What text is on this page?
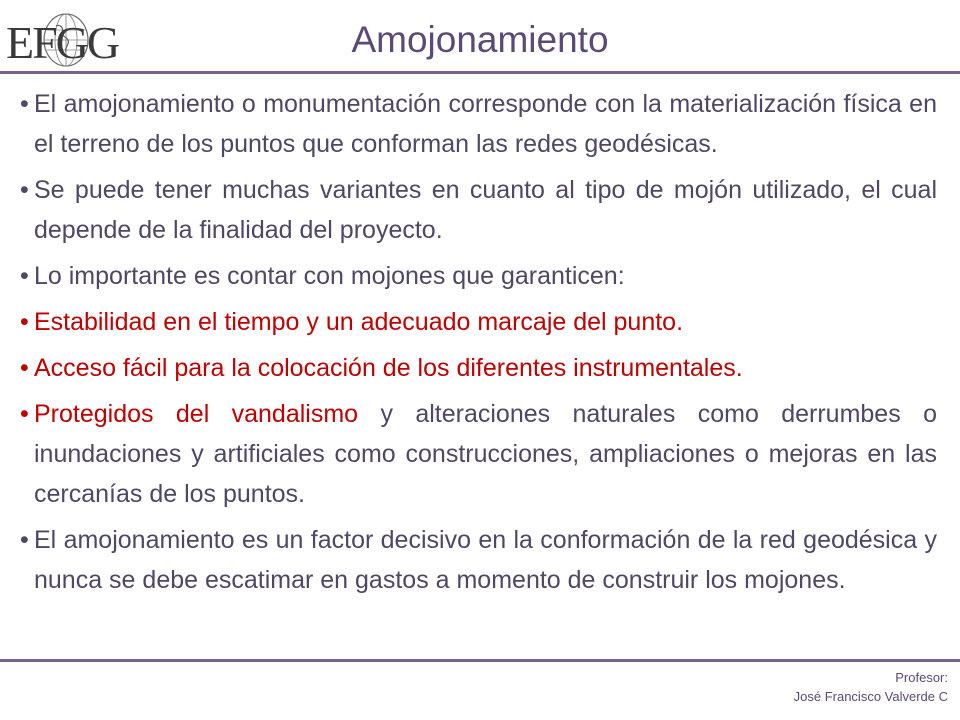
EFGG	Amojonamiento

• El amojonamiento o monumentación corresponde con la materialización física en el terreno de los puntos que conforman las redes geodésicas.

• Se puede tener muchas variantes en cuanto al tipo de mojón utilizado, el cual depende de la finalidad del proyecto.

• Lo importante es contar con mojones que garanticen:

• Estabilidad en el tiempo y un adecuado marcaje del punto.

• Acceso fácil para la colocación de los diferentes instrumentales.

• Protegidos del vandalismo y alteraciones naturales como derrumbes o inundaciones y artificiales como construcciones, ampliaciones o mejoras en las cercanías de los puntos.

• El amojonamiento es un factor decisivo en la conformación de la red geodésica y nunca se debe escatimar en gastos a momento de construir los mojones.

Profesor:
José Francisco Valverde C
